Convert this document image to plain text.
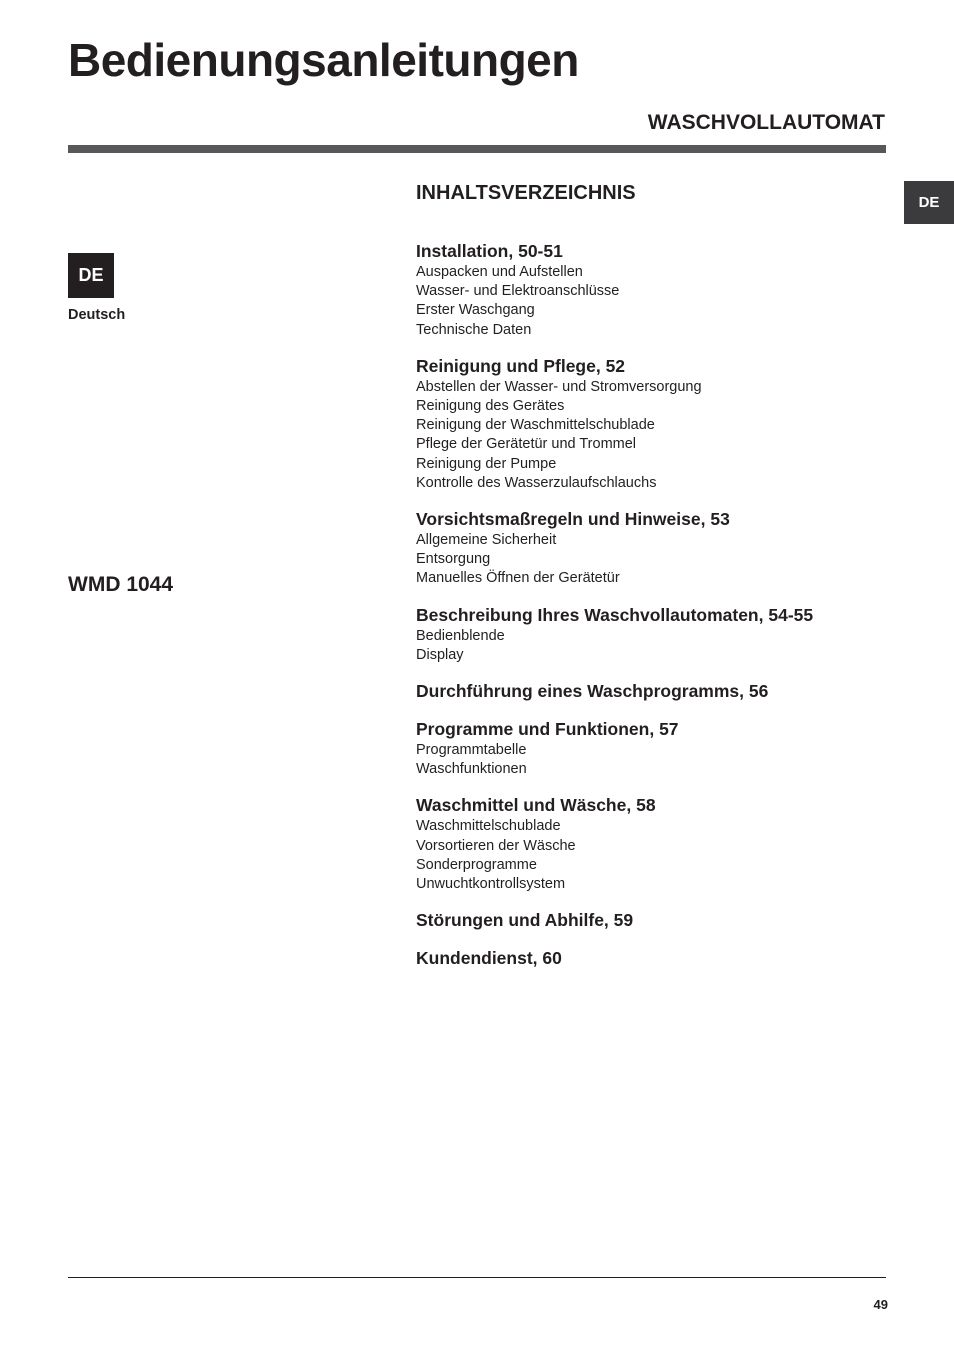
Bedienungsanleitungen
WASCHVOLLAUTOMAT
DE
DE
Deutsch
WMD 1044
INHALTSVERZEICHNIS
Installation, 50-51
Auspacken und Aufstellen
Wasser- und Elektroanschlüsse
Erster Waschgang
Technische Daten
Reinigung und Pflege, 52
Abstellen der Wasser- und Stromversorgung
Reinigung des Gerätes
Reinigung der Waschmittelschublade
Pflege der Gerätetür und Trommel
Reinigung der Pumpe
Kontrolle des Wasserzulaufschlauchs
Vorsichtsmaßregeln und Hinweise, 53
Allgemeine Sicherheit
Entsorgung
Manuelles Öffnen der Gerätetür
Beschreibung Ihres Waschvollautomaten, 54-55
Bedienblende
Display
Durchführung eines Waschprogramms, 56
Programme und Funktionen, 57
Programmtabelle
Waschfunktionen
Waschmittel und Wäsche, 58
Waschmittelschublade
Vorsortieren der Wäsche
Sonderprogramme
Unwuchtkontrollsystem
Störungen und Abhilfe, 59
Kundendienst, 60
49
